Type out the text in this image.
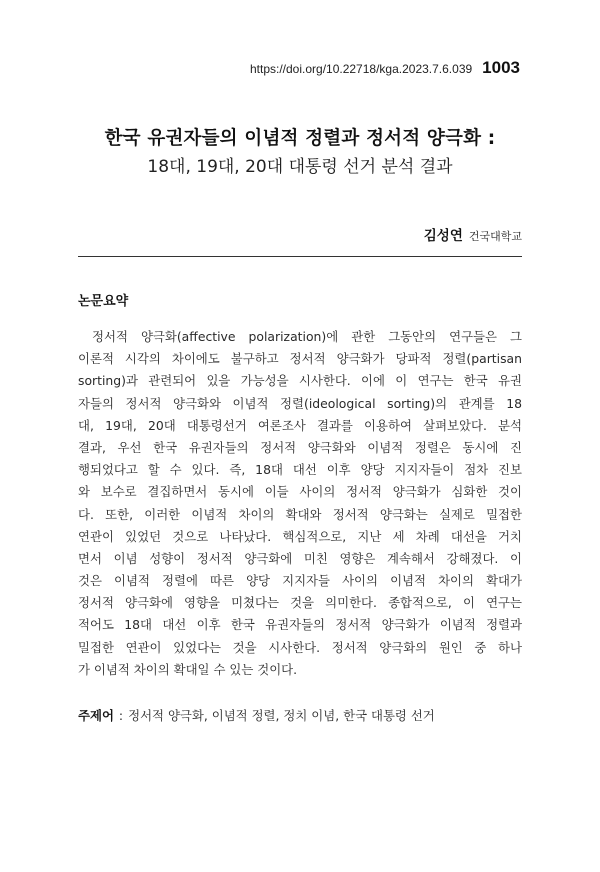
https://doi.org/10.22718/kga.2023.7.6.039 1003
한국 유권자들의 이념적 정렬과 정서적 양극화 :
18대, 19대, 20대 대통령 선거 분석 결과
김성연 건국대학교
논문요약
정서적 양극화(affective polarization)에 관한 그동안의 연구들은 그
이론적 시각의 차이에도 불구하고 정서적 양극화가 당파적 정렬(partisan
sorting)과 관련되어 있을 가능성을 시사한다. 이에 이 연구는 한국 유권
자들의 정서적 양극화와 이념적 정렬(ideological sorting)의 관계를 18
대, 19대, 20대 대통령선거 여론조사 결과를 이용하여 살펴보았다. 분석
결과, 우선 한국 유권자들의 정서적 양극화와 이념적 정렬은 동시에 진
행되었다고 할 수 있다. 즉, 18대 대선 이후 양당 지지자들이 점차 진보
와 보수로 결집하면서 동시에 이들 사이의 정서적 양극화가 심화한 것이
다. 또한, 이러한 이념적 차이의 확대와 정서적 양극화는 실제로 밀접한
연관이 있었던 것으로 나타났다. 핵심적으로, 지난 세 차례 대선을 거치
면서 이념 성향이 정서적 양극화에 미친 영향은 계속해서 강해졌다. 이
것은 이념적 정렬에 따른 양당 지지자들 사이의 이념적 차이의 확대가
정서적 양극화에 영향을 미쳤다는 것을 의미한다. 종합적으로, 이 연구는
적어도 18대 대선 이후 한국 유권자들의 정서적 양극화가 이념적 정렬과
밀접한 연관이 있었다는 것을 시사한다. 정서적 양극화의 원인 중 하나
가 이념적 차이의 확대일 수 있는 것이다.
주제어 : 정서적 양극화, 이념적 정렬, 정치 이념, 한국 대통령 선거
